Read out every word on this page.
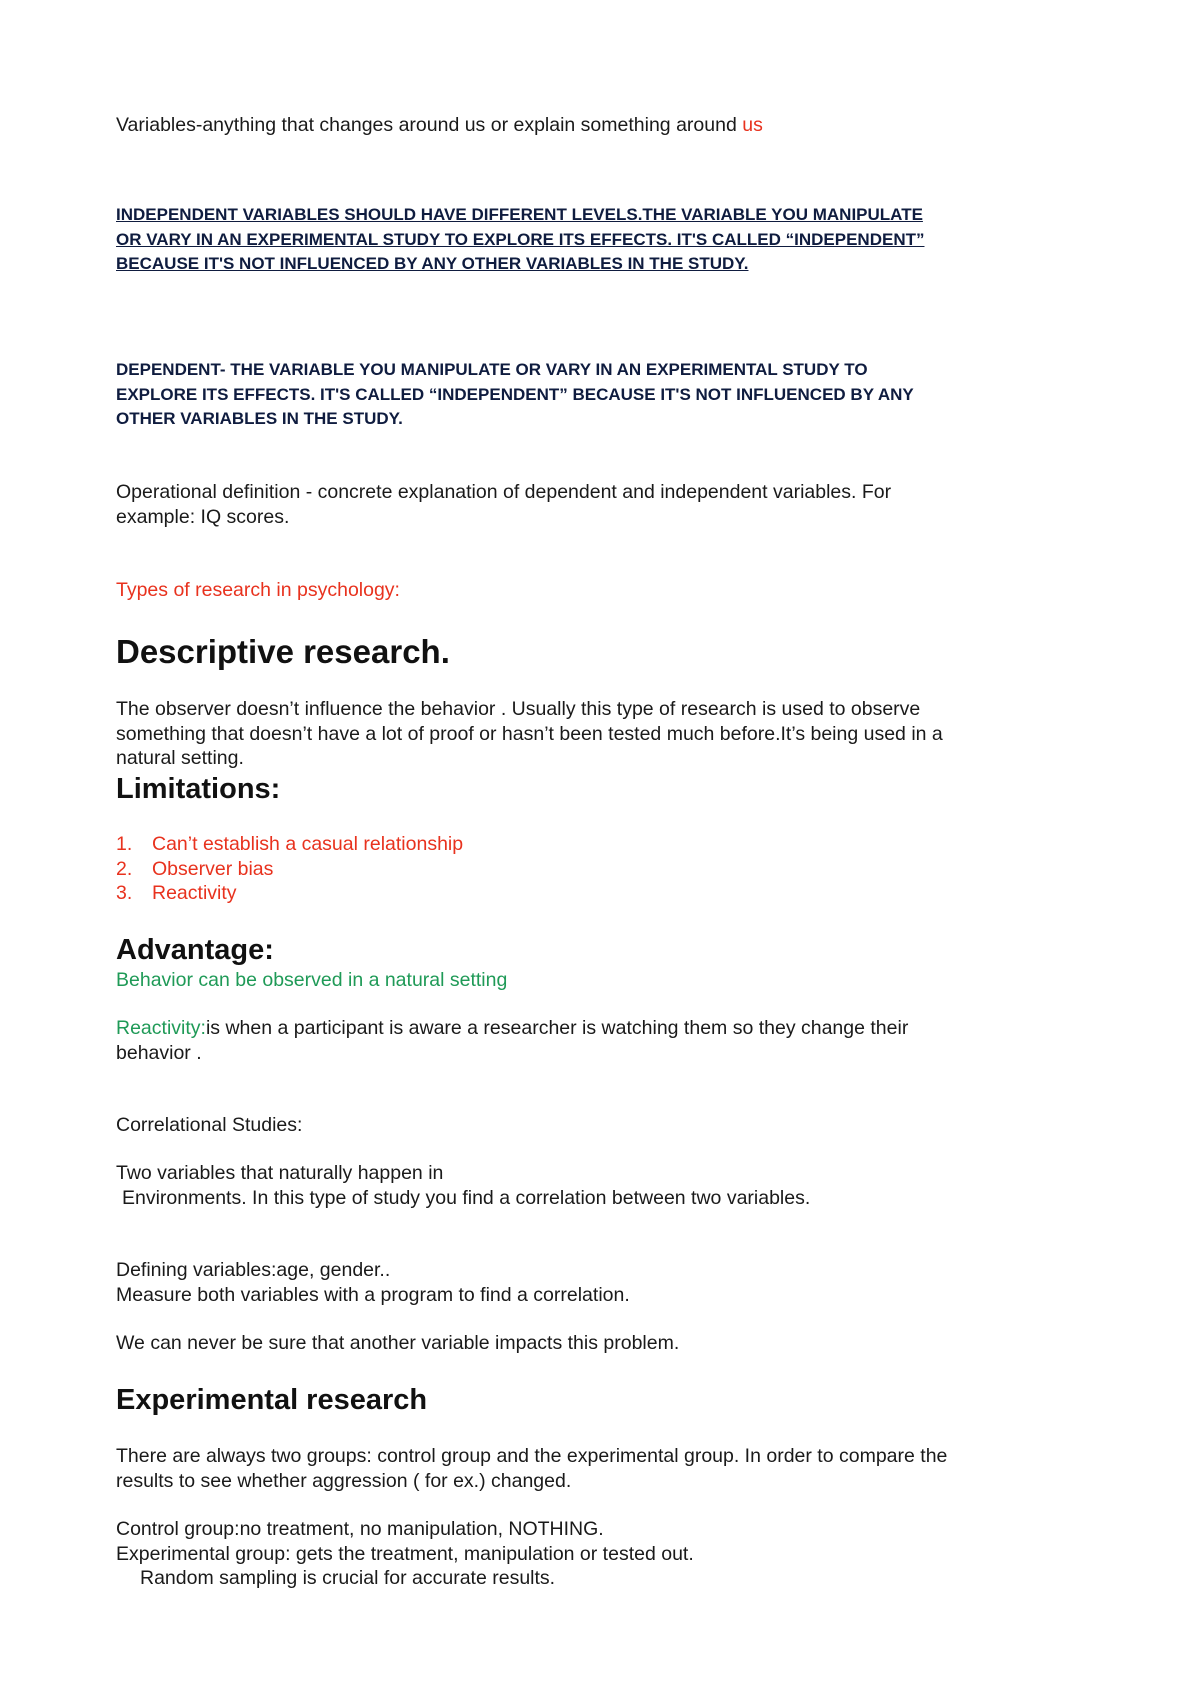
Variables-anything that changes around us or explain something around us

INDEPENDENT VARIABLES SHOULD HAVE DIFFERENT LEVELS.THE VARIABLE YOU MANIPULATE
OR VARY IN AN EXPERIMENTAL STUDY TO EXPLORE ITS EFFECTS. IT'S CALLED “INDEPENDENT”
BECAUSE IT'S NOT INFLUENCED BY ANY OTHER VARIABLES IN THE STUDY.
DEPENDENT- THE VARIABLE YOU MANIPULATE OR VARY IN AN EXPERIMENTAL STUDY TO
EXPLORE ITS EFFECTS. IT'S CALLED “INDEPENDENT” BECAUSE IT'S NOT INFLUENCED BY ANY
OTHER VARIABLES IN THE STUDY.
Operational definition - concrete explanation of dependent and independent variables. For
example: IQ scores.

Types of research in psychology:

Descriptive research.
The observer doesn’t influence the behavior . Usually this type of research is used to observe
something that doesn’t have a lot of proof or hasn’t been tested much before.It’s being used in a
natural setting.
Limitations:
1. Can’t establish a casual relationship
2. Observer bias
3. Reactivity
Advantage:

Behavior can be observed in a natural setting

Reactivity:is when a participant is aware a researcher is watching them so they change their
behavior .

Correlational Studies:

Two variables that naturally happen in
Environments. In this type of study you find a correlation between two variables.
Defining variables:age, gender..
Measure both variables with a program to find a correlation.

We can never be sure that another variable impacts this problem.

Experimental research
There are always two groups: control group and the experimental group. In order to compare the
results to see whether aggression ( for ex.) changed.
Control group:no treatment, no manipulation, NOTHING.
Experimental group: gets the treatment, manipulation or tested out.
Random sampling is crucial for accurate results.
